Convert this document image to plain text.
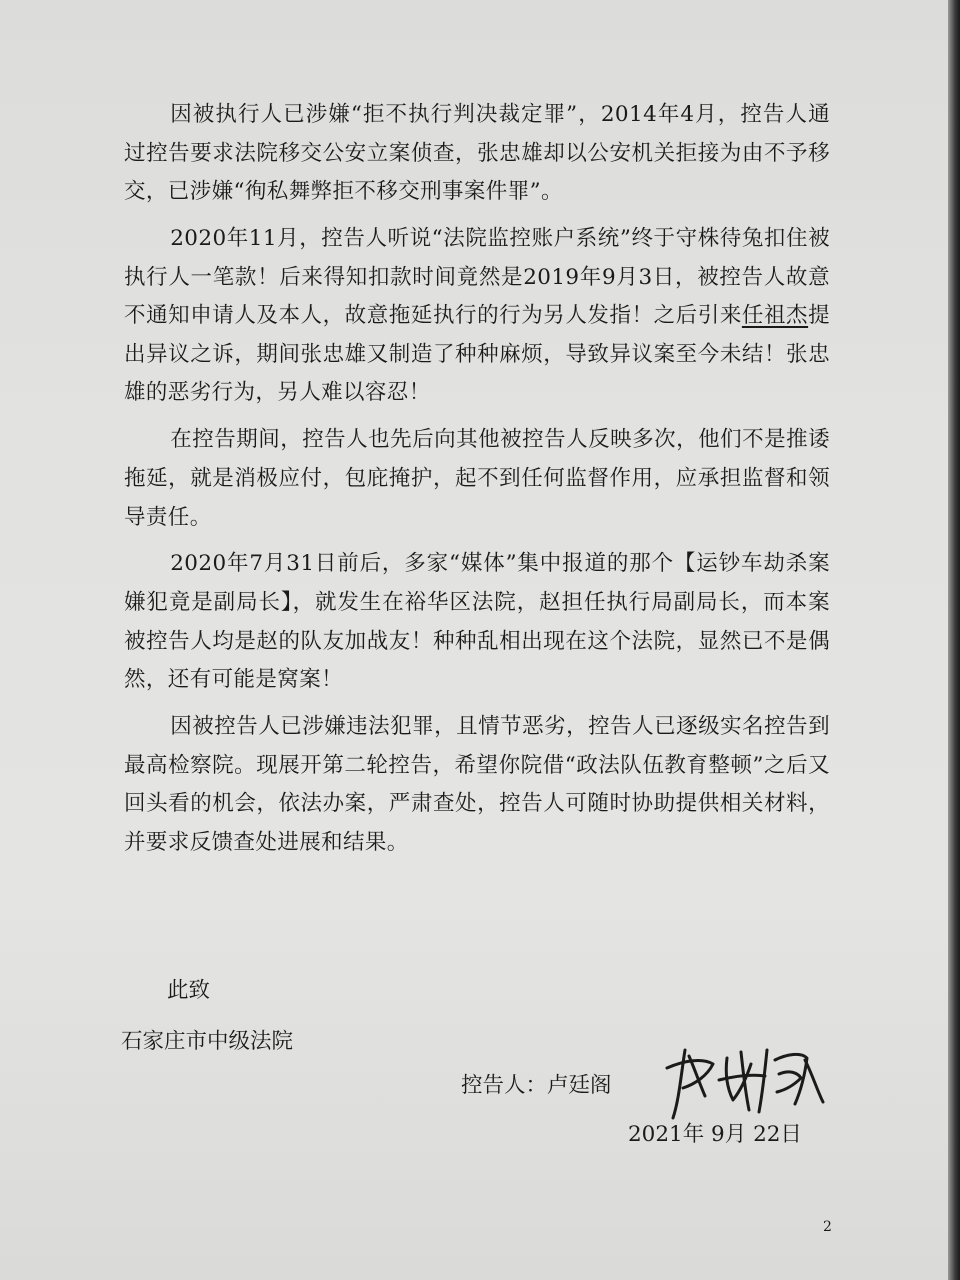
因被执行人已涉嫌“拒不执行判决裁定罪”，2014年4月，控告人通过控告要求法院移交公安立案侦查，张忠雄却以公安机关拒接为由不予移交，已涉嫌“徇私舞弊拒不移交刑事案件罪”。

2020年11月，控告人听说“法院监控账户系统”终于守株待兔扣住被执行人一笔款！后来得知扣款时间竟然是2019年9月3日，被控告人故意不通知申请人及本人，故意拖延执行的行为另人发指！之后引来任祖杰提出异议之诉，期间张忠雄又制造了种种麻烦，导致异议案至今未结！张忠雄的恶劣行为，另人难以容忍！

在控告期间，控告人也先后向其他被控告人反映多次，他们不是推诿拖延，就是消极应付，包庇掩护，起不到任何监督作用，应承担监督和领导责任。

2020年7月31日前后，多家“媒体”集中报道的那个【运钞车劫杀案嫌犯竟是副局长】，就发生在裕华区法院，赵担任执行局副局长，而本案被控告人均是赵的队友加战友！种种乱相出现在这个法院，显然已不是偶然，还有可能是窝案！

因被控告人已涉嫌违法犯罪，且情节恶劣，控告人已逐级实名控告到最高检察院。现展开第二轮控告，希望你院借“政法队伍教育整顿”之后又回头看的机会，依法办案，严肃查处，控告人可随时协助提供相关材料，并要求反馈查处进展和结果。

此致
石家庄市中级法院
控告人：卢廷阁
2021年 9月 22日
2
